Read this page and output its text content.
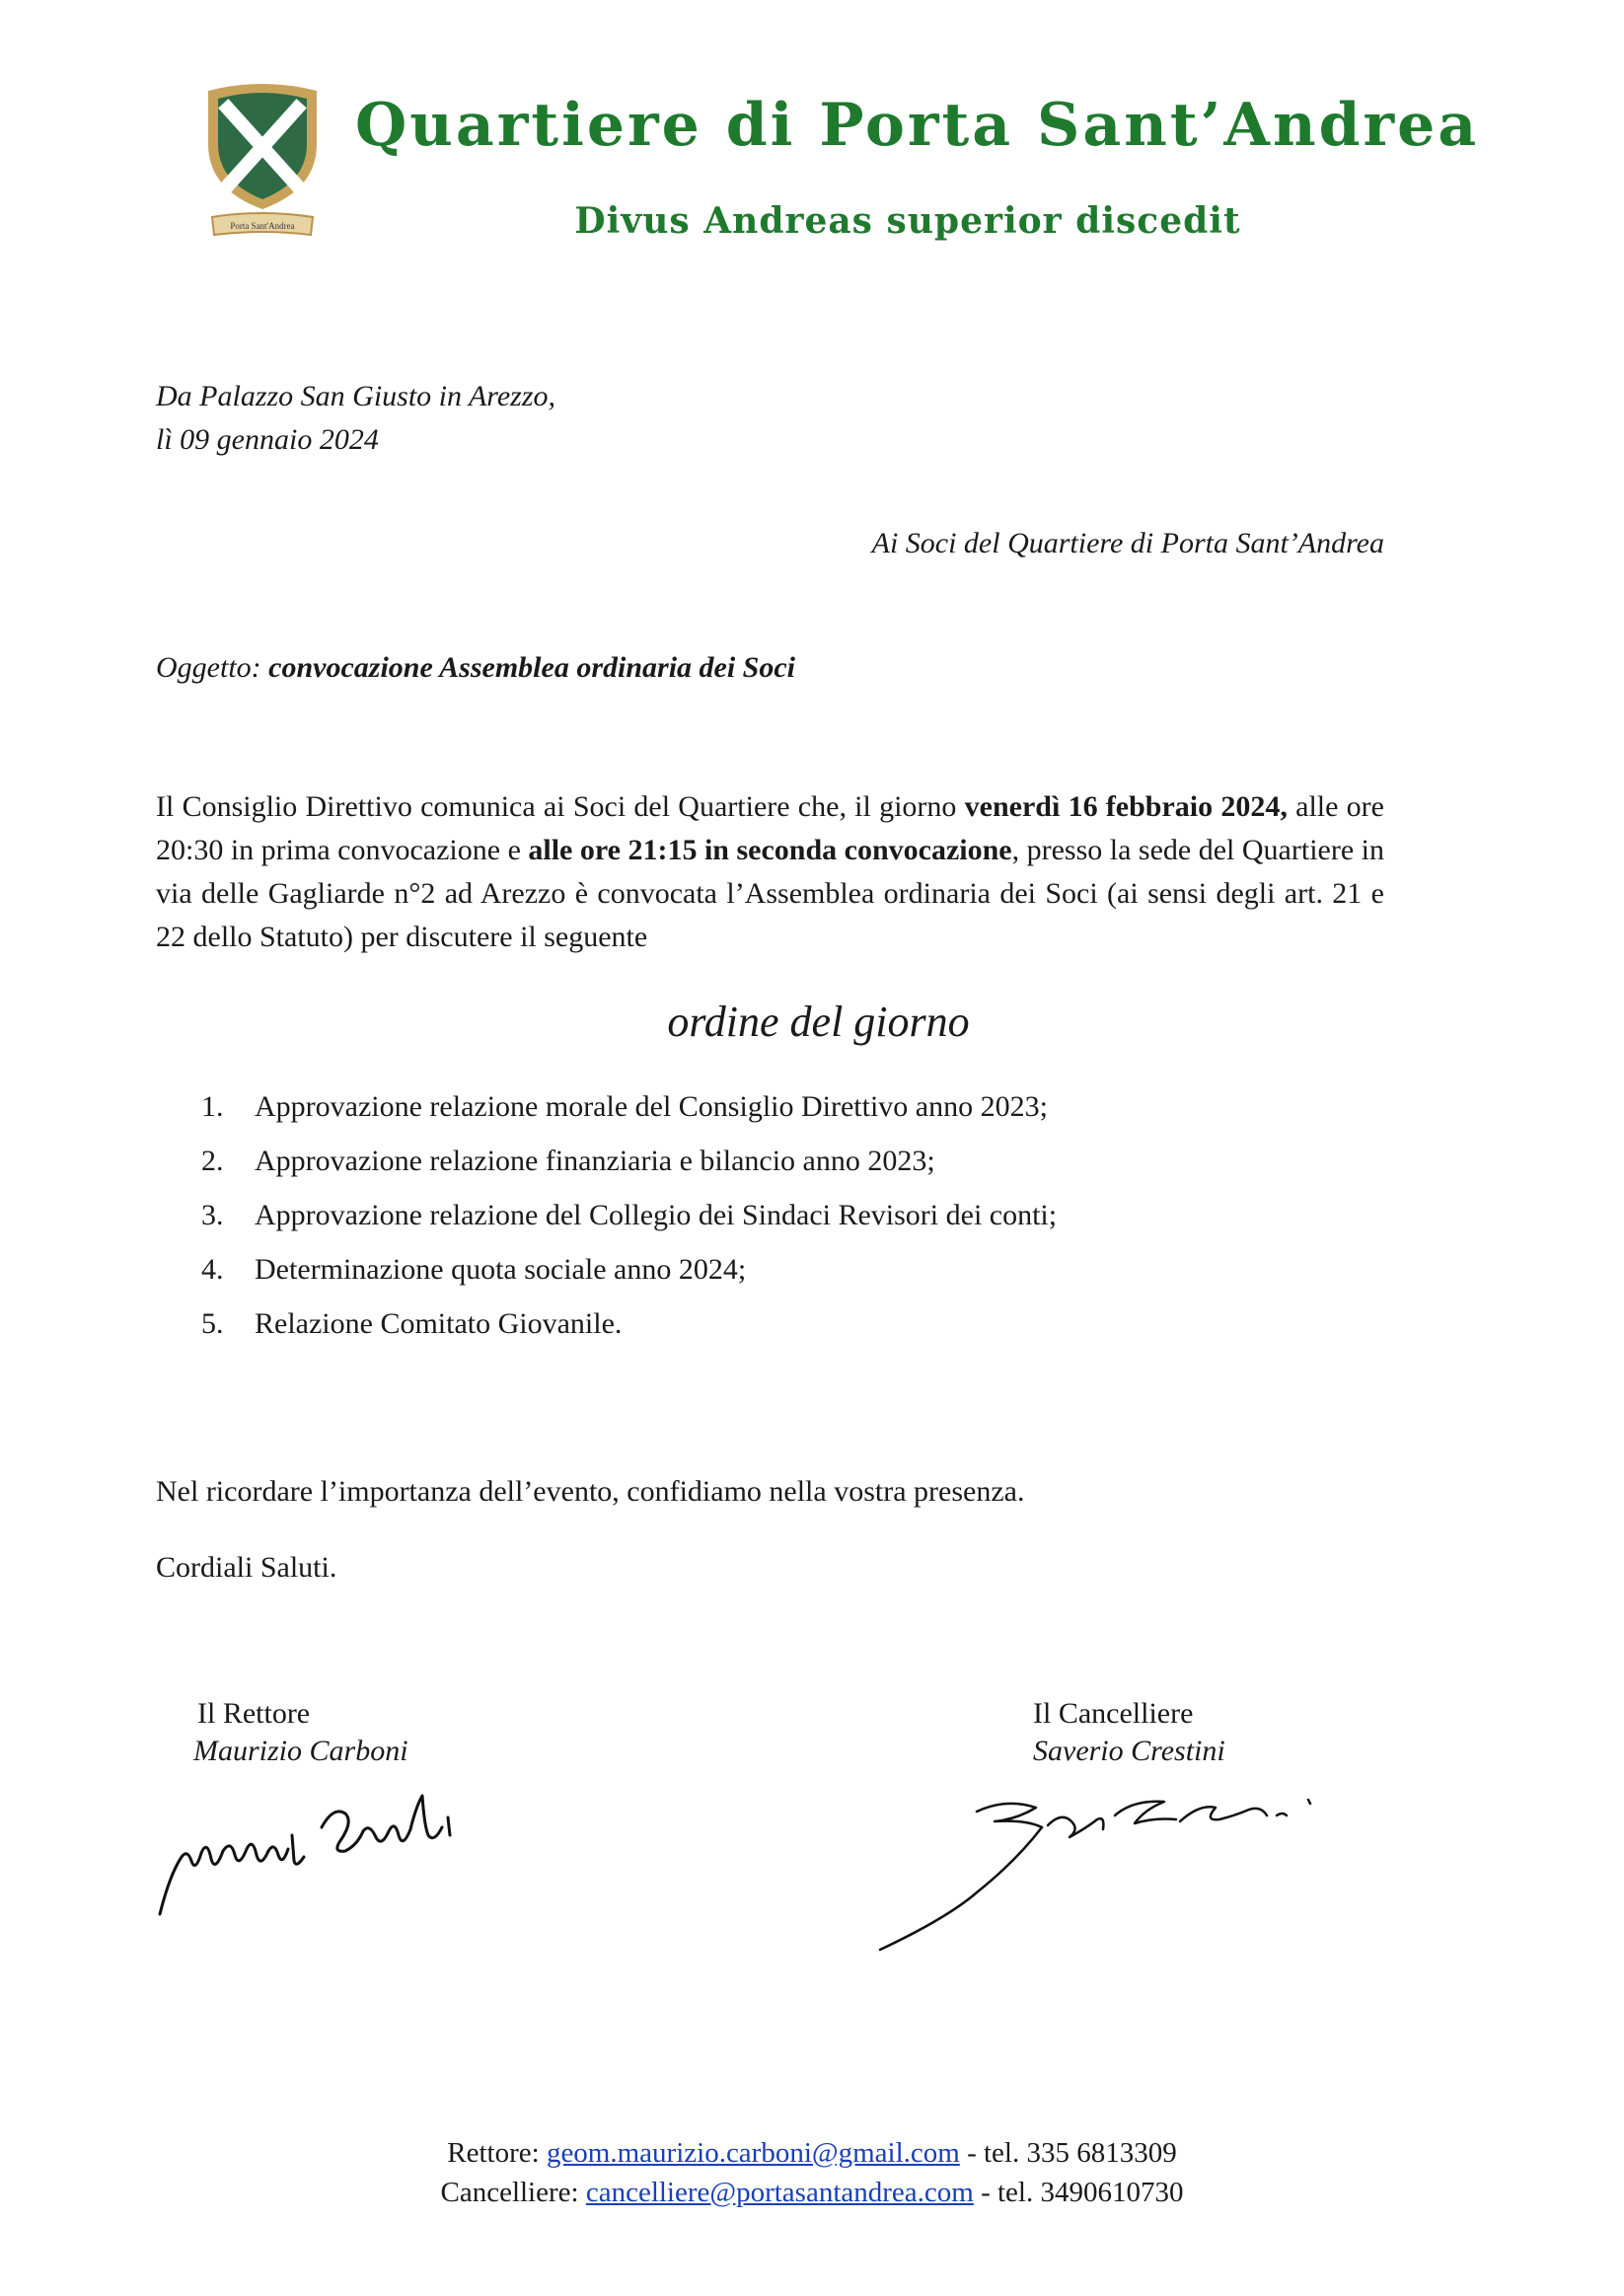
Porta Sant'Andrea
Quartiere di Porta Sant’Andrea
Divus Andreas superior discedit
Da Palazzo San Giusto in Arezzo,
lì 09 gennaio 2024
Ai Soci del Quartiere di Porta Sant’Andrea
Oggetto: convocazione Assemblea ordinaria dei Soci
Il Consiglio Direttivo comunica ai Soci del Quartiere che, il giorno venerdì 16 febbraio 2024, alle ore 20:30 in prima convocazione e alle ore 21:15 in seconda convocazione, presso la sede del Quartiere in via delle Gagliarde n°2 ad Arezzo è convocata l’Assemblea ordinaria dei Soci (ai sensi degli art. 21 e 22 dello Statuto) per discutere il seguente
ordine del giorno
1.	Approvazione relazione morale del Consiglio Direttivo anno 2023;
2.	Approvazione relazione finanziaria e bilancio anno 2023;
3.	Approvazione relazione del Collegio dei Sindaci Revisori dei conti;
4.	Determinazione quota sociale anno 2024;
5.	Relazione Comitato Giovanile.
Nel ricordare l’importanza dell’evento, confidiamo nella vostra presenza.
Cordiali Saluti.
Il Rettore
Maurizio Carboni
Il Cancelliere
Saverio Crestini
Rettore: geom.maurizio.carboni@gmail.com - tel. 335 6813309
Cancelliere: cancelliere@portasantandrea.com - tel. 3490610730
